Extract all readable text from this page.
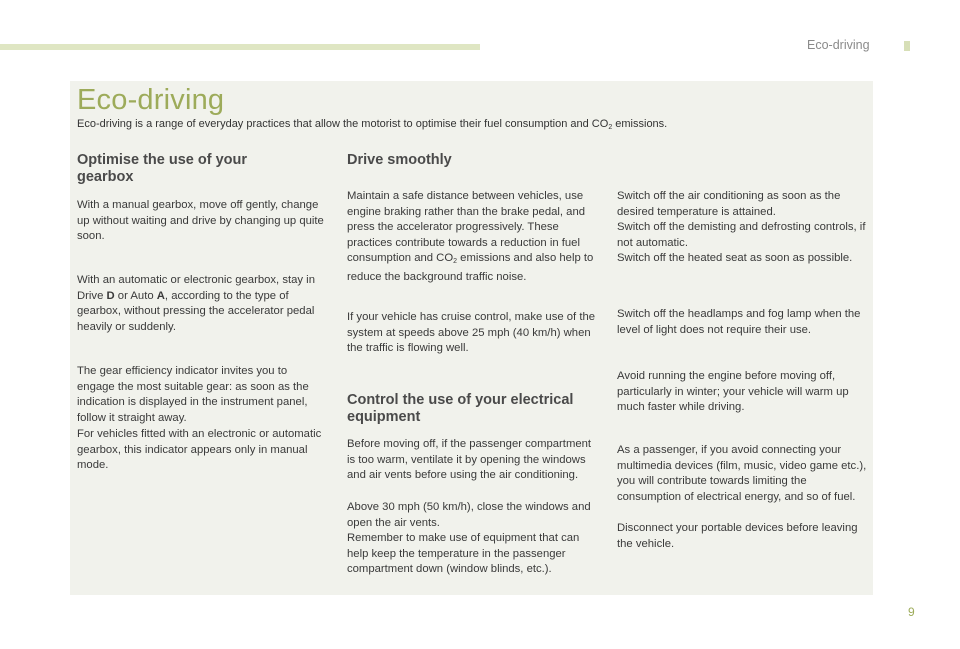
Eco-driving
Eco-driving
Eco-driving is a range of everyday practices that allow the motorist to optimise their fuel consumption and $CO_2$ emissions.
Optimise the use of your gearbox

With a manual gearbox, move off gently, change up without waiting and drive by changing up quite soon.

With an automatic or electronic gearbox, stay in Drive D or Auto A, according to the type of gearbox, without pressing the accelerator pedal heavily or suddenly.

The gear efficiency indicator invites you to engage the most suitable gear: as soon as the indication is displayed in the instrument panel, follow it straight away.

For vehicles fitted with an electronic or automatic gearbox, this indicator appears only in manual mode.

Drive smoothly

Maintain a safe distance between vehicles, use engine braking rather than the brake pedal, and press the accelerator progressively. These practices contribute towards a reduction in fuel consumption and $CO_2$ emissions and also help to reduce the background traffic noise.

If your vehicle has cruise control, make use of the system at speeds above 25 mph (40 km/h) when the traffic is flowing well.

Control the use of your electrical equipment

Before moving off, if the passenger compartment is too warm, ventilate it by opening the windows and air vents before using the air conditioning.

Above 30 mph (50 km/h), close the windows and open the air vents.

Remember to make use of equipment that can help keep the temperature in the passenger compartment down (window blinds, etc.).

Switch off the air conditioning as soon as the desired temperature is attained.

Switch off the demisting and defrosting controls, if not automatic.

Switch off the heated seat as soon as possible.

Switch off the headlamps and fog lamp when the level of light does not require their use.

Avoid running the engine before moving off, particularly in winter; your vehicle will warm up much faster while driving.

As a passenger, if you avoid connecting your multimedia devices (film, music, video game etc.), you will contribute towards limiting the consumption of electrical energy, and so of fuel.

Disconnect your portable devices before leaving the vehicle.

9
